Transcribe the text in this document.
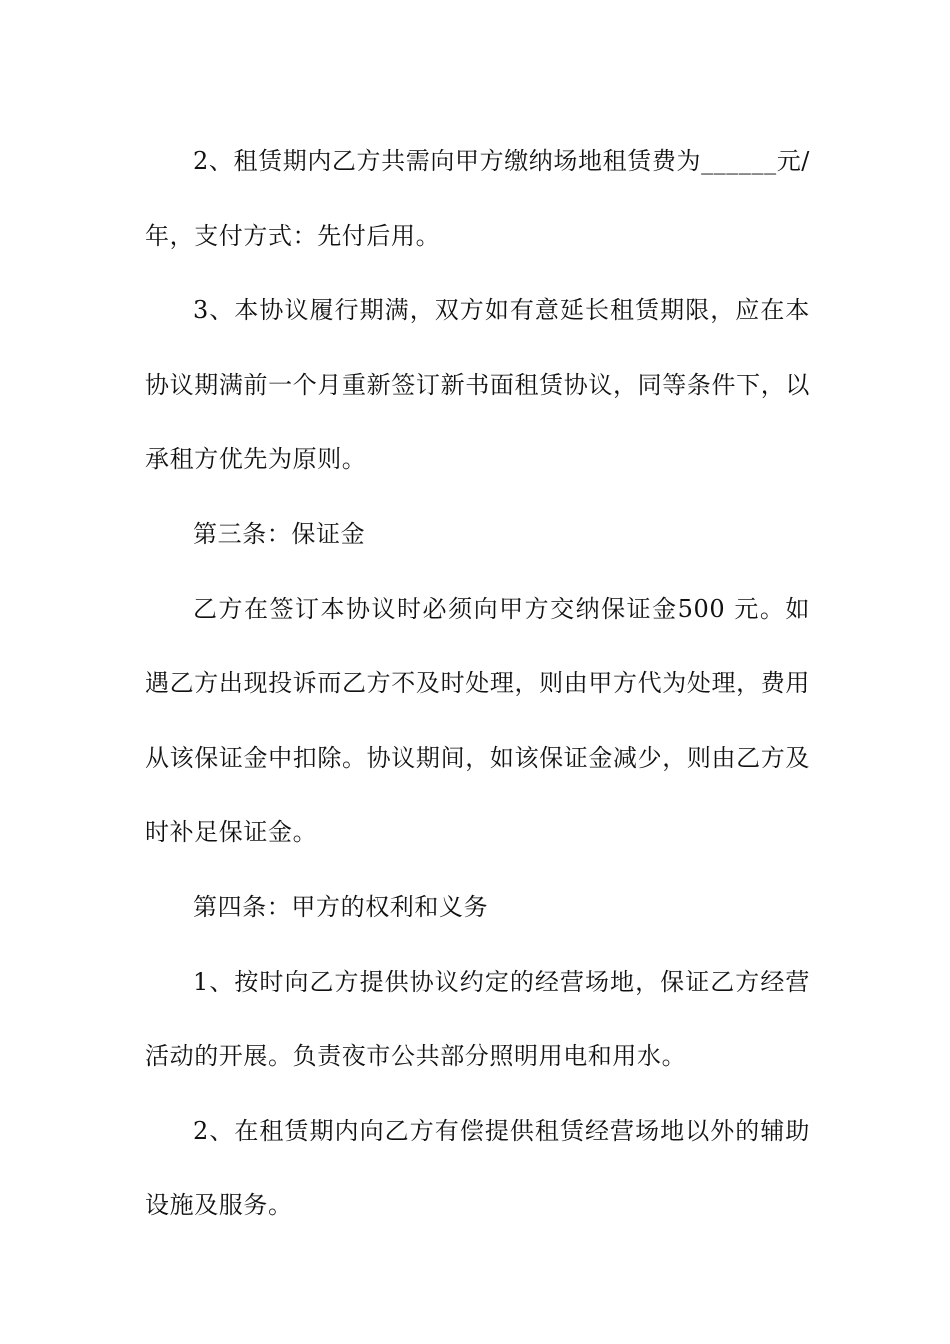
2、租赁期内乙方共需向甲方缴纳场地租赁费为______元/年，支付方式：先付后用。

3、本协议履行期满，双方如有意延长租赁期限，应在本协议期满前一个月重新签订新书面租赁协议，同等条件下，以承租方优先为原则。

第三条：保证金

乙方在签订本协议时必须向甲方交纳保证金500 元。如遇乙方出现投诉而乙方不及时处理，则由甲方代为处理，费用从该保证金中扣除。协议期间，如该保证金减少，则由乙方及时补足保证金。

第四条：甲方的权利和义务

1、按时向乙方提供协议约定的经营场地，保证乙方经营活动的开展。负责夜市公共部分照明用电和用水。

2、在租赁期内向乙方有偿提供租赁经营场地以外的辅助设施及服务。
